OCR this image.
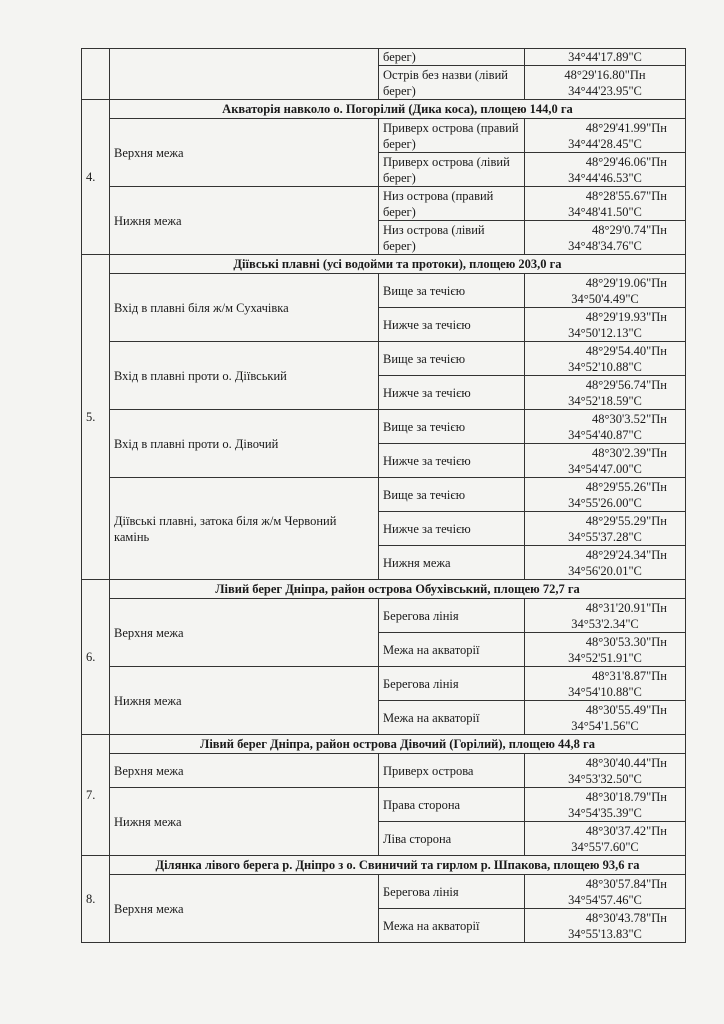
		берег)	34°44'17.89"С

		Острів без назви (лівий берег)	48°29'16.80"Пн
34°44'23.95"С

4.	Акваторія навколо о. Погорілий (Дика коса), площею 144,0 га		
	Верхня межа	Приверх острова (правий берег)	48°29'41.99"Пн
34°44'28.45"С

		Приверх острова (лівий берег)	48°29'46.06"Пн
34°44'46.53"С

	Нижня межа	Низ острова (правий берег)	48°28'55.67"Пн
34°48'41.50"С

		Низ острова (лівий берег)	48°29'0.74"Пн
34°48'34.76"С

5.	Діївські плавні (усі водойми та протоки), площею 203,0 га		
	Вхід в плавні біля ж/м Сухачівка	Вище за течією	48°29'19.06"Пн
34°50'4.49"С

		Нижче за течією	48°29'19.93"Пн
34°50'12.13"С

	Вхід в плавні проти о. Діївський	Вище за течією	48°29'54.40"Пн
34°52'10.88"С

		Нижче за течією	48°29'56.74"Пн
34°52'18.59"С

	Вхід в плавні проти о. Дівочий	Вище за течією	48°30'3.52"Пн
34°54'40.87"С

		Нижче за течією	48°30'2.39"Пн
34°54'47.00"С

	Діївські плавні, затока біля ж/м Червоний камінь	Вище за течією	48°29'55.26"Пн
34°55'26.00"С

		Нижче за течією	48°29'55.29"Пн
34°55'37.28"С

		Нижня межа	48°29'24.34"Пн
34°56'20.01"С

6.	Лівий берег Дніпра, район острова Обухівський, площею 72,7 га		
	Верхня межа	Берегова лінія	48°31'20.91"Пн
34°53'2.34"С

		Межа на акваторії	48°30'53.30"Пн
34°52'51.91"С

	Нижня межа	Берегова лінія	48°31'8.87"Пн
34°54'10.88"С

		Межа на акваторії	48°30'55.49"Пн
34°54'1.56"С

7.	Лівий берег Дніпра, район острова Дівочий (Горілий), площею 44,8 га		
	Верхня межа	Приверх острова	48°30'40.44"Пн
34°53'32.50"С

	Нижня межа	Права сторона	48°30'18.79"Пн
34°54'35.39"С

		Ліва сторона	48°30'37.42"Пн
34°55'7.60"С

8.	Ділянка лівого берега р. Дніпро з о. Свиничий та гирлом р. Шпакова, площею 93,6 га		
	Верхня межа	Берегова лінія	48°30'57.84"Пн
34°54'57.46"С

		Межа на акваторії	48°30'43.78"Пн
34°55'13.83"С
